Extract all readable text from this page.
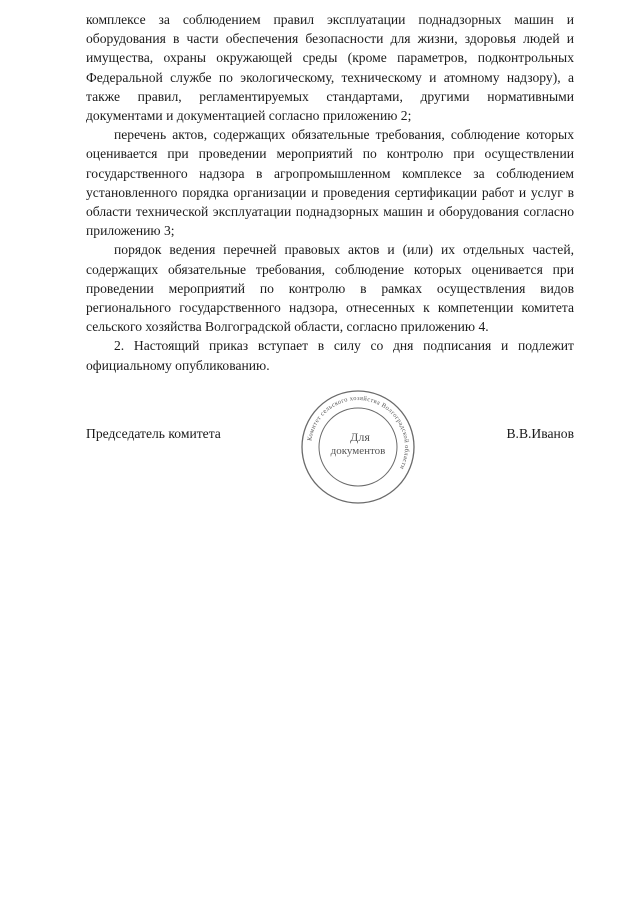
комплексе за соблюдением правил эксплуатации поднадзорных машин и оборудования в части обеспечения безопасности для жизни, здоровья людей и имущества, охраны окружающей среды (кроме параметров, подконтрольных Федеральной службе по экологическому, техническому и атомному надзору), а также правил, регламентируемых стандартами, другими нормативными документами и документацией согласно приложению 2;

перечень актов, содержащих обязательные требования, соблюдение которых оценивается при проведении мероприятий по контролю при осуществлении государственного надзора в агропромышленном комплексе за соблюдением установленного порядка организации и проведения сертификации работ и услуг в области технической эксплуатации поднадзорных машин и оборудования согласно приложению 3;

порядок ведения перечней правовых актов и (или) их отдельных частей, содержащих обязательные требования, соблюдение которых оценивается при проведении мероприятий по контролю в рамках осуществления видов регионального государственного надзора, отнесенных к компетенции комитета сельского хозяйства Волгоградской области, согласно приложению 4.

2. Настоящий приказ вступает в силу со дня подписания и подлежит официальному опубликованию.

Председатель комитета	В.В.Иванов
Комитет сельского хозяйства Волгоградской области
Для
документов
